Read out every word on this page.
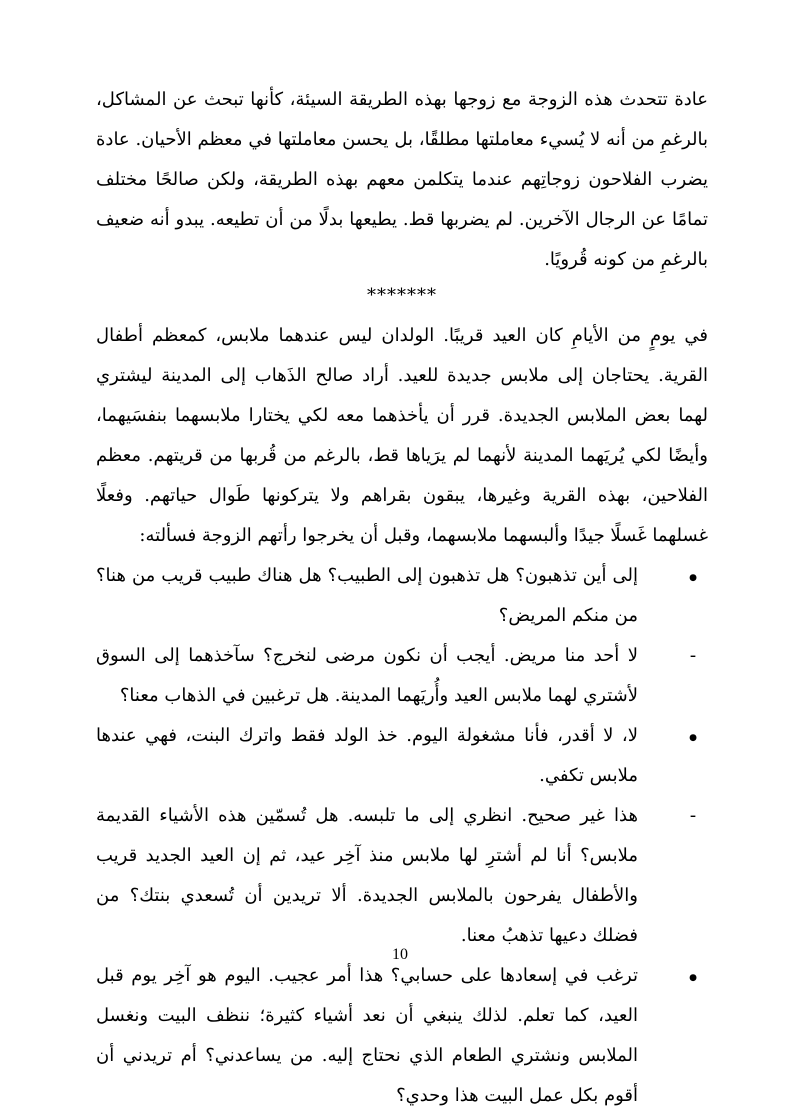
عادة تتحدث هذه الزوجة مع زوجها بهذه الطريقة السيئة، كأنها تبحث عن المشاكل، بالرغمِ من أنه لا يُسيء معاملتها مطلقًا، بل يحسن معاملتها في معظم الأحيان. عادة يضرب الفلاحون زوجاتِهم عندما يتكلمن معهم بهذه الطريقة، ولكن صالحًا مختلف تمامًا عن الرجال الآخرين. لم يضربها قط. يطيعها بدلًا من أن تطيعه. يبدو أنه ضعيف بالرغمِ من كونه قُرويًا.

*******

في يومٍ من الأيامِ كان العيد قريبًا. الولدان ليس عندهما ملابس، كمعظم أطفال القرية. يحتاجان إلى ملابس جديدة للعيد. أراد صالح الذَهاب إلى المدينة ليشتري لهما بعض الملابس الجديدة. قرر أن يأخذهما معه لكي يختارا ملابسهما بنفسَيهما، وأيضًا لكي يُريَهما المدينة لأنهما لم يرَياها قط، بالرغم من قُربها من قريتهم. معظم الفلاحين، بهذه القرية وغيرها، يبقون بقراهم ولا يتركونها طَوال حياتهم. وفعلًا غسلهما غَسلًا جيدًا وألبسهما ملابسهما، وقبل أن يخرجوا رأتهم الزوجة فسألته:

●
إلى أين تذهبون؟ هل تذهبون إلى الطبيب؟ هل هناك طبيب قريب من هنا؟ من منكم المريض؟
-
لا أحد منا مريض. أيجب أن نكون مرضى لنخرج؟ سآخذهما إلى السوق لأشتري لهما ملابس العيد وأُريَهما المدينة. هل ترغبين في الذهاب معنا؟
●
لا، لا أقدر، فأنا مشغولة اليوم. خذ الولد فقط واترك البنت، فهي عندها ملابس تكفي.
-
هذا غير صحيح. انظري إلى ما تلبسه. هل تُسمّين هذه الأشياء القديمة ملابس؟ أنا لم أشترِ لها ملابس منذ آخِر عيد، ثم إن العيد الجديد قريب والأطفال يفرحون بالملابس الجديدة. ألا تريدين أن تُسعدي بنتك؟ من فضلك دعيها تذهبُ معنا.
●
ترغب في إسعادها على حسابي؟ هذا أمر عجيب. اليوم هو آخِر يوم قبل العيد، كما تعلم. لذلك ينبغي أن نعد أشياء كثيرة؛ ننظف البيت ونغسل الملابس ونشتري الطعام الذي نحتاج إليه. من يساعدني؟ أم تريدني أن أقوم بكل عمل البيت هذا وحدي؟
10
